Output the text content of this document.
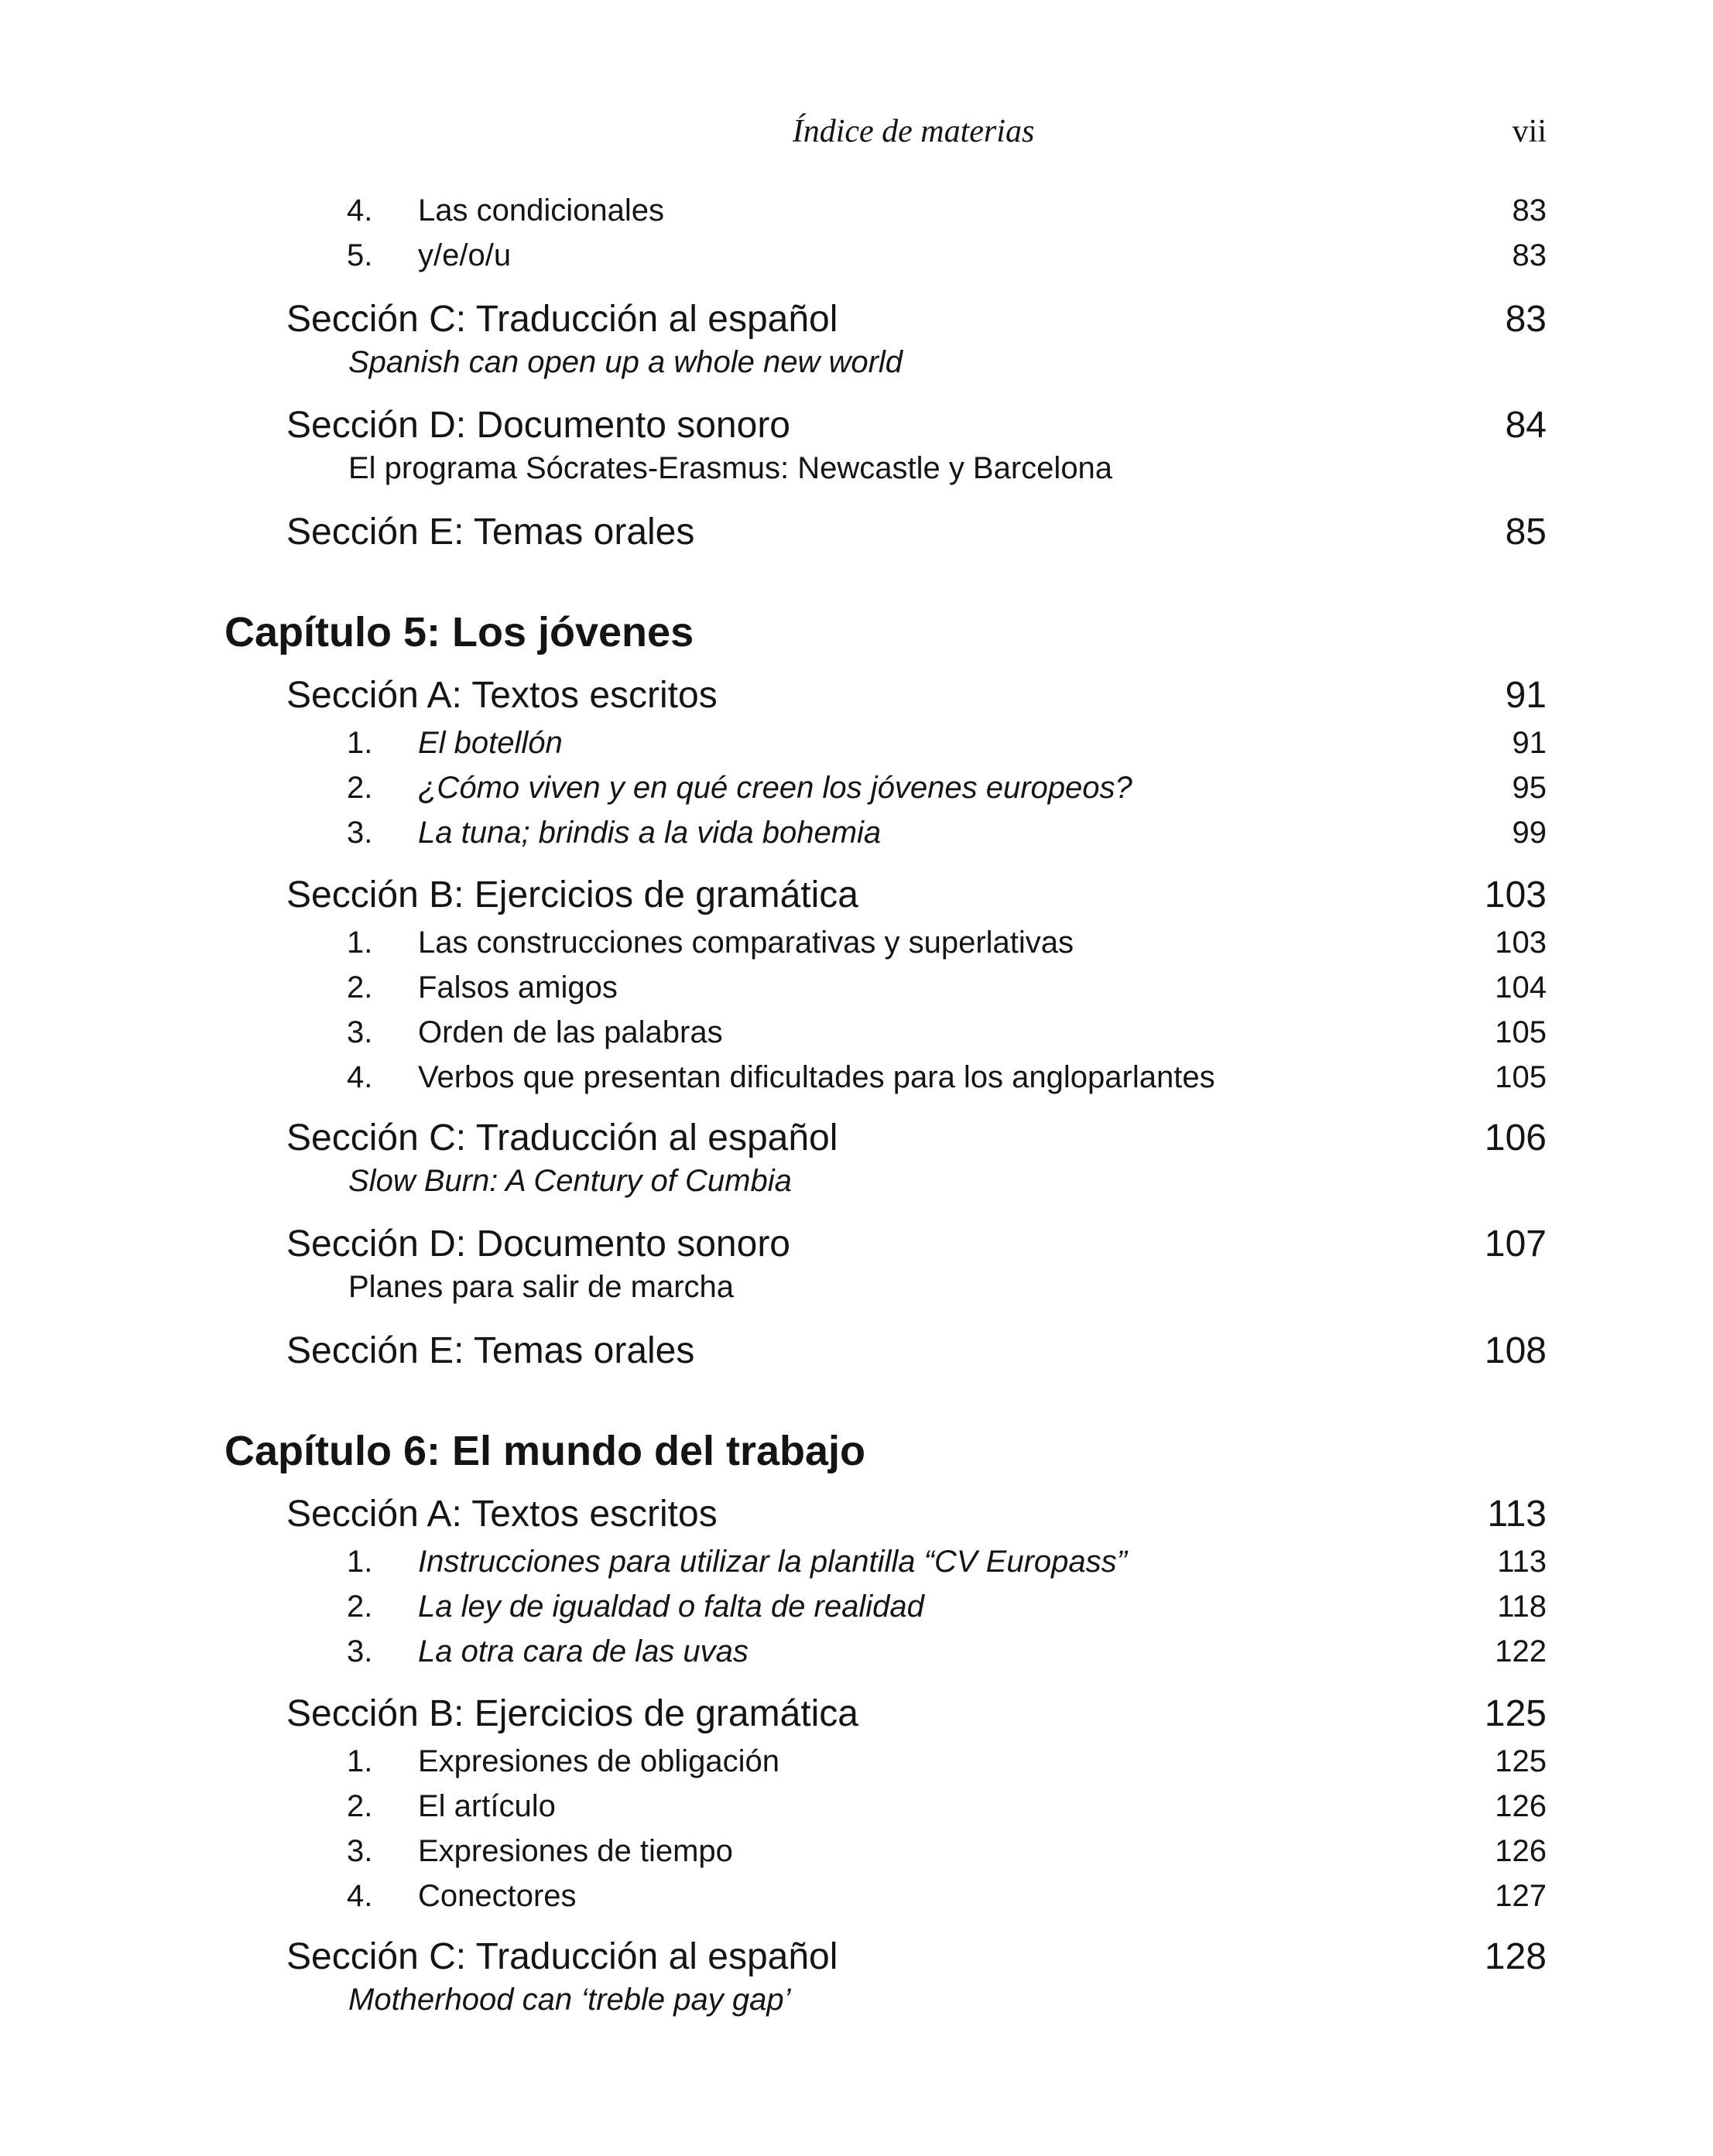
Índice de materias	vii
4. Las condicionales	83
5. y/e/o/u	83
Sección C: Traducción al español	83
Spanish can open up a whole new world
Sección D: Documento sonoro	84
El programa Sócrates-Erasmus: Newcastle y Barcelona
Sección E: Temas orales	85
Capítulo 5: Los jóvenes
Sección A: Textos escritos	91
1. El botellón	91
2. ¿Cómo viven y en qué creen los jóvenes europeos?	95
3. La tuna; brindis a la vida bohemia	99
Sección B: Ejercicios de gramática	103
1. Las construcciones comparativas y superlativas	103
2. Falsos amigos	104
3. Orden de las palabras	105
4. Verbos que presentan dificultades para los angloparlantes	105
Sección C: Traducción al español	106
Slow Burn: A Century of Cumbia
Sección D: Documento sonoro	107
Planes para salir de marcha
Sección E: Temas orales	108
Capítulo 6: El mundo del trabajo
Sección A: Textos escritos	113
1. Instrucciones para utilizar la plantilla “CV Europass”	113
2. La ley de igualdad o falta de realidad	118
3. La otra cara de las uvas	122
Sección B: Ejercicios de gramática	125
1. Expresiones de obligación	125
2. El artículo	126
3. Expresiones de tiempo	126
4. Conectores	127
Sección C: Traducción al español	128
Motherhood can ‘treble pay gap’
